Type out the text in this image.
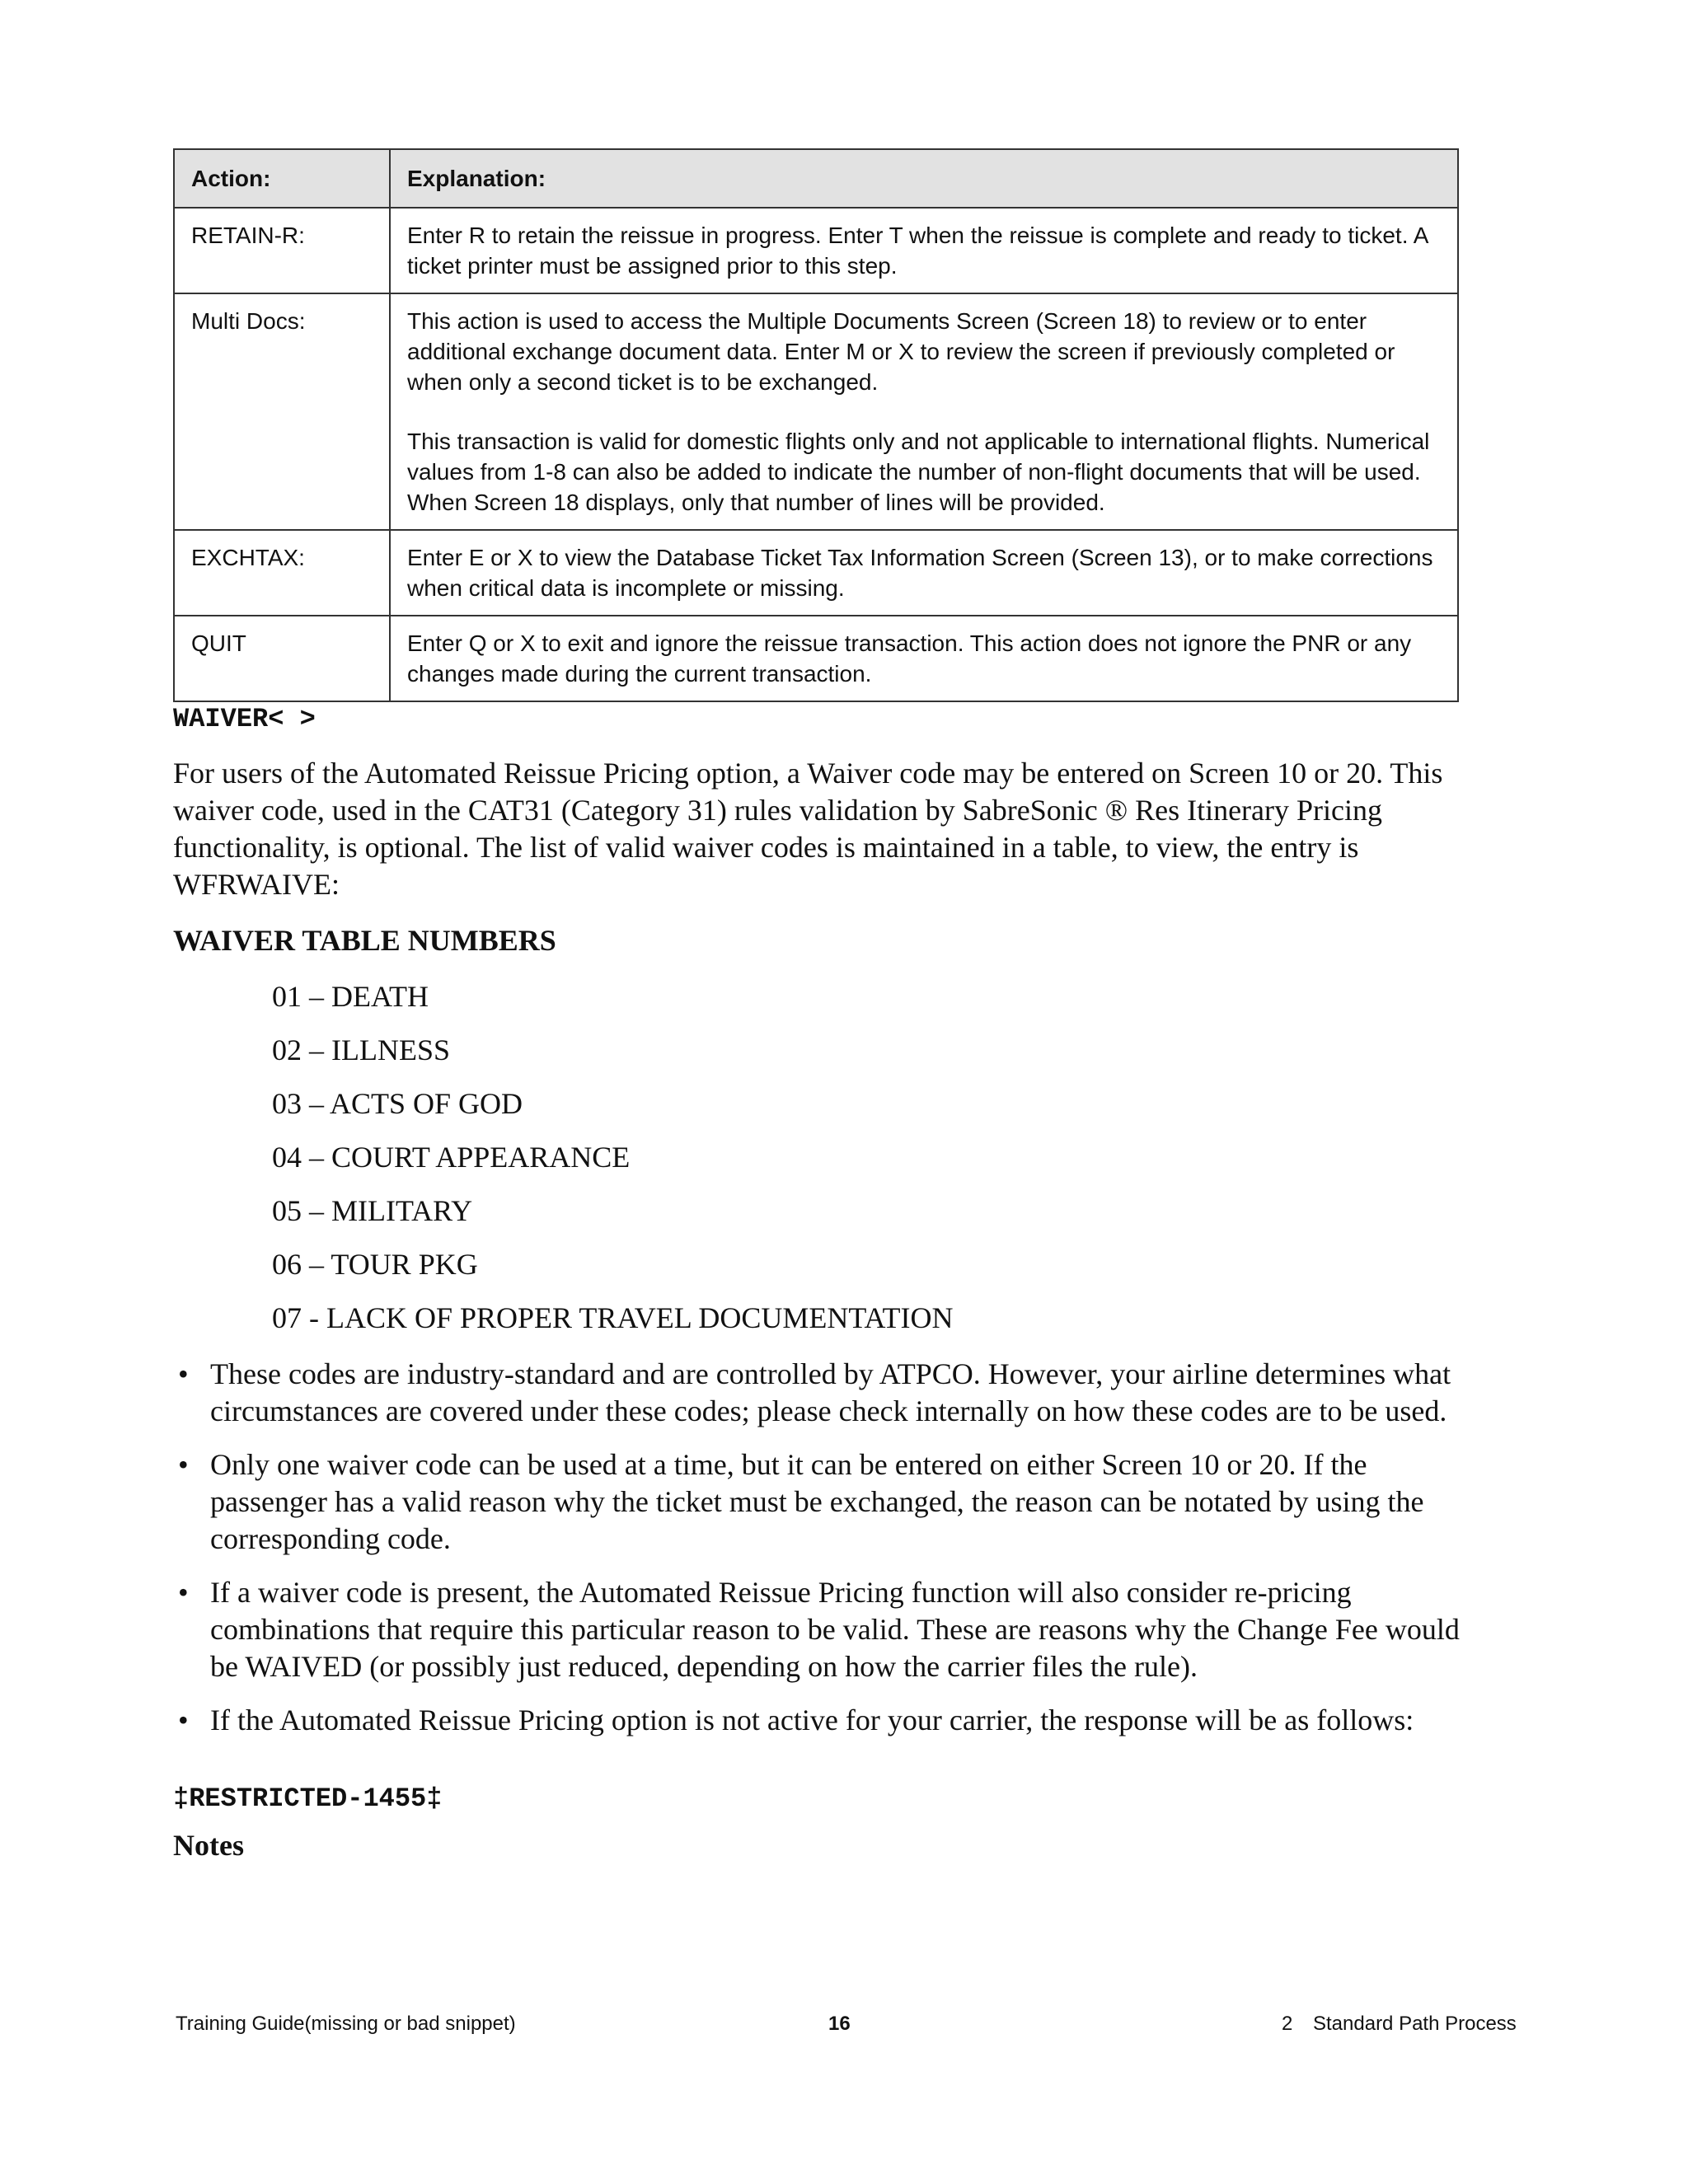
Action:	Explanation:
RETAIN-R:	Enter R to retain the reissue in progress. Enter T when the reissue is complete and ready to ticket. A ticket printer must be assigned prior to this step.

Multi Docs:	This action is used to access the Multiple Documents Screen (Screen 18) to review or to enter additional exchange document data. Enter M or X to review the screen if previously completed or when only a second ticket is to be exchanged.

This transaction is valid for domestic flights only and not applicable to international flights. Numerical values from 1-8 can also be added to indicate the number of non-flight documents that will be used. When Screen 18 displays, only that number of lines will be provided.

EXCHTAX:	Enter E or X to view the Database Ticket Tax Information Screen (Screen 13), or to make corrections when critical data is incomplete or missing.

QUIT	Enter Q or X to exit and ignore the reissue transaction. This action does not ignore the PNR or any changes made during the current transaction.

WAIVER< >

For users of the Automated Reissue Pricing option, a Waiver code may be entered on Screen 10 or 20. This waiver code, used in the CAT31 (Category 31) rules validation by SabreSonic ® Res Itinerary Pricing functionality, is optional. The list of valid waiver codes is maintained in a table, to view, the entry is WFRWAIVE:

WAIVER TABLE NUMBERS
01 – DEATH
02 – ILLNESS
03 – ACTS OF GOD
04 – COURT APPEARANCE
05 – MILITARY
06 – TOUR PKG
07 - LACK OF PROPER TRAVEL DOCUMENTATION
• These codes are industry-standard and are controlled by ATPCO. However, your airline determines what circumstances are covered under these codes; please check internally on how these codes are to be used.
• Only one waiver code can be used at a time, but it can be entered on either Screen 10 or 20. If the passenger has a valid reason why the ticket must be exchanged, the reason can be notated by using the corresponding code.
• If a waiver code is present, the Automated Reissue Pricing function will also consider re-pricing combinations that require this particular reason to be valid. These are reasons why the Change Fee would be WAIVED (or possibly just reduced, depending on how the carrier files the rule).
• If the Automated Reissue Pricing option is not active for your carrier, the response will be as follows:
‡RESTRICTED-1455‡
Notes
Training Guide(missing or bad snippet)	16	2 Standard Path Process
